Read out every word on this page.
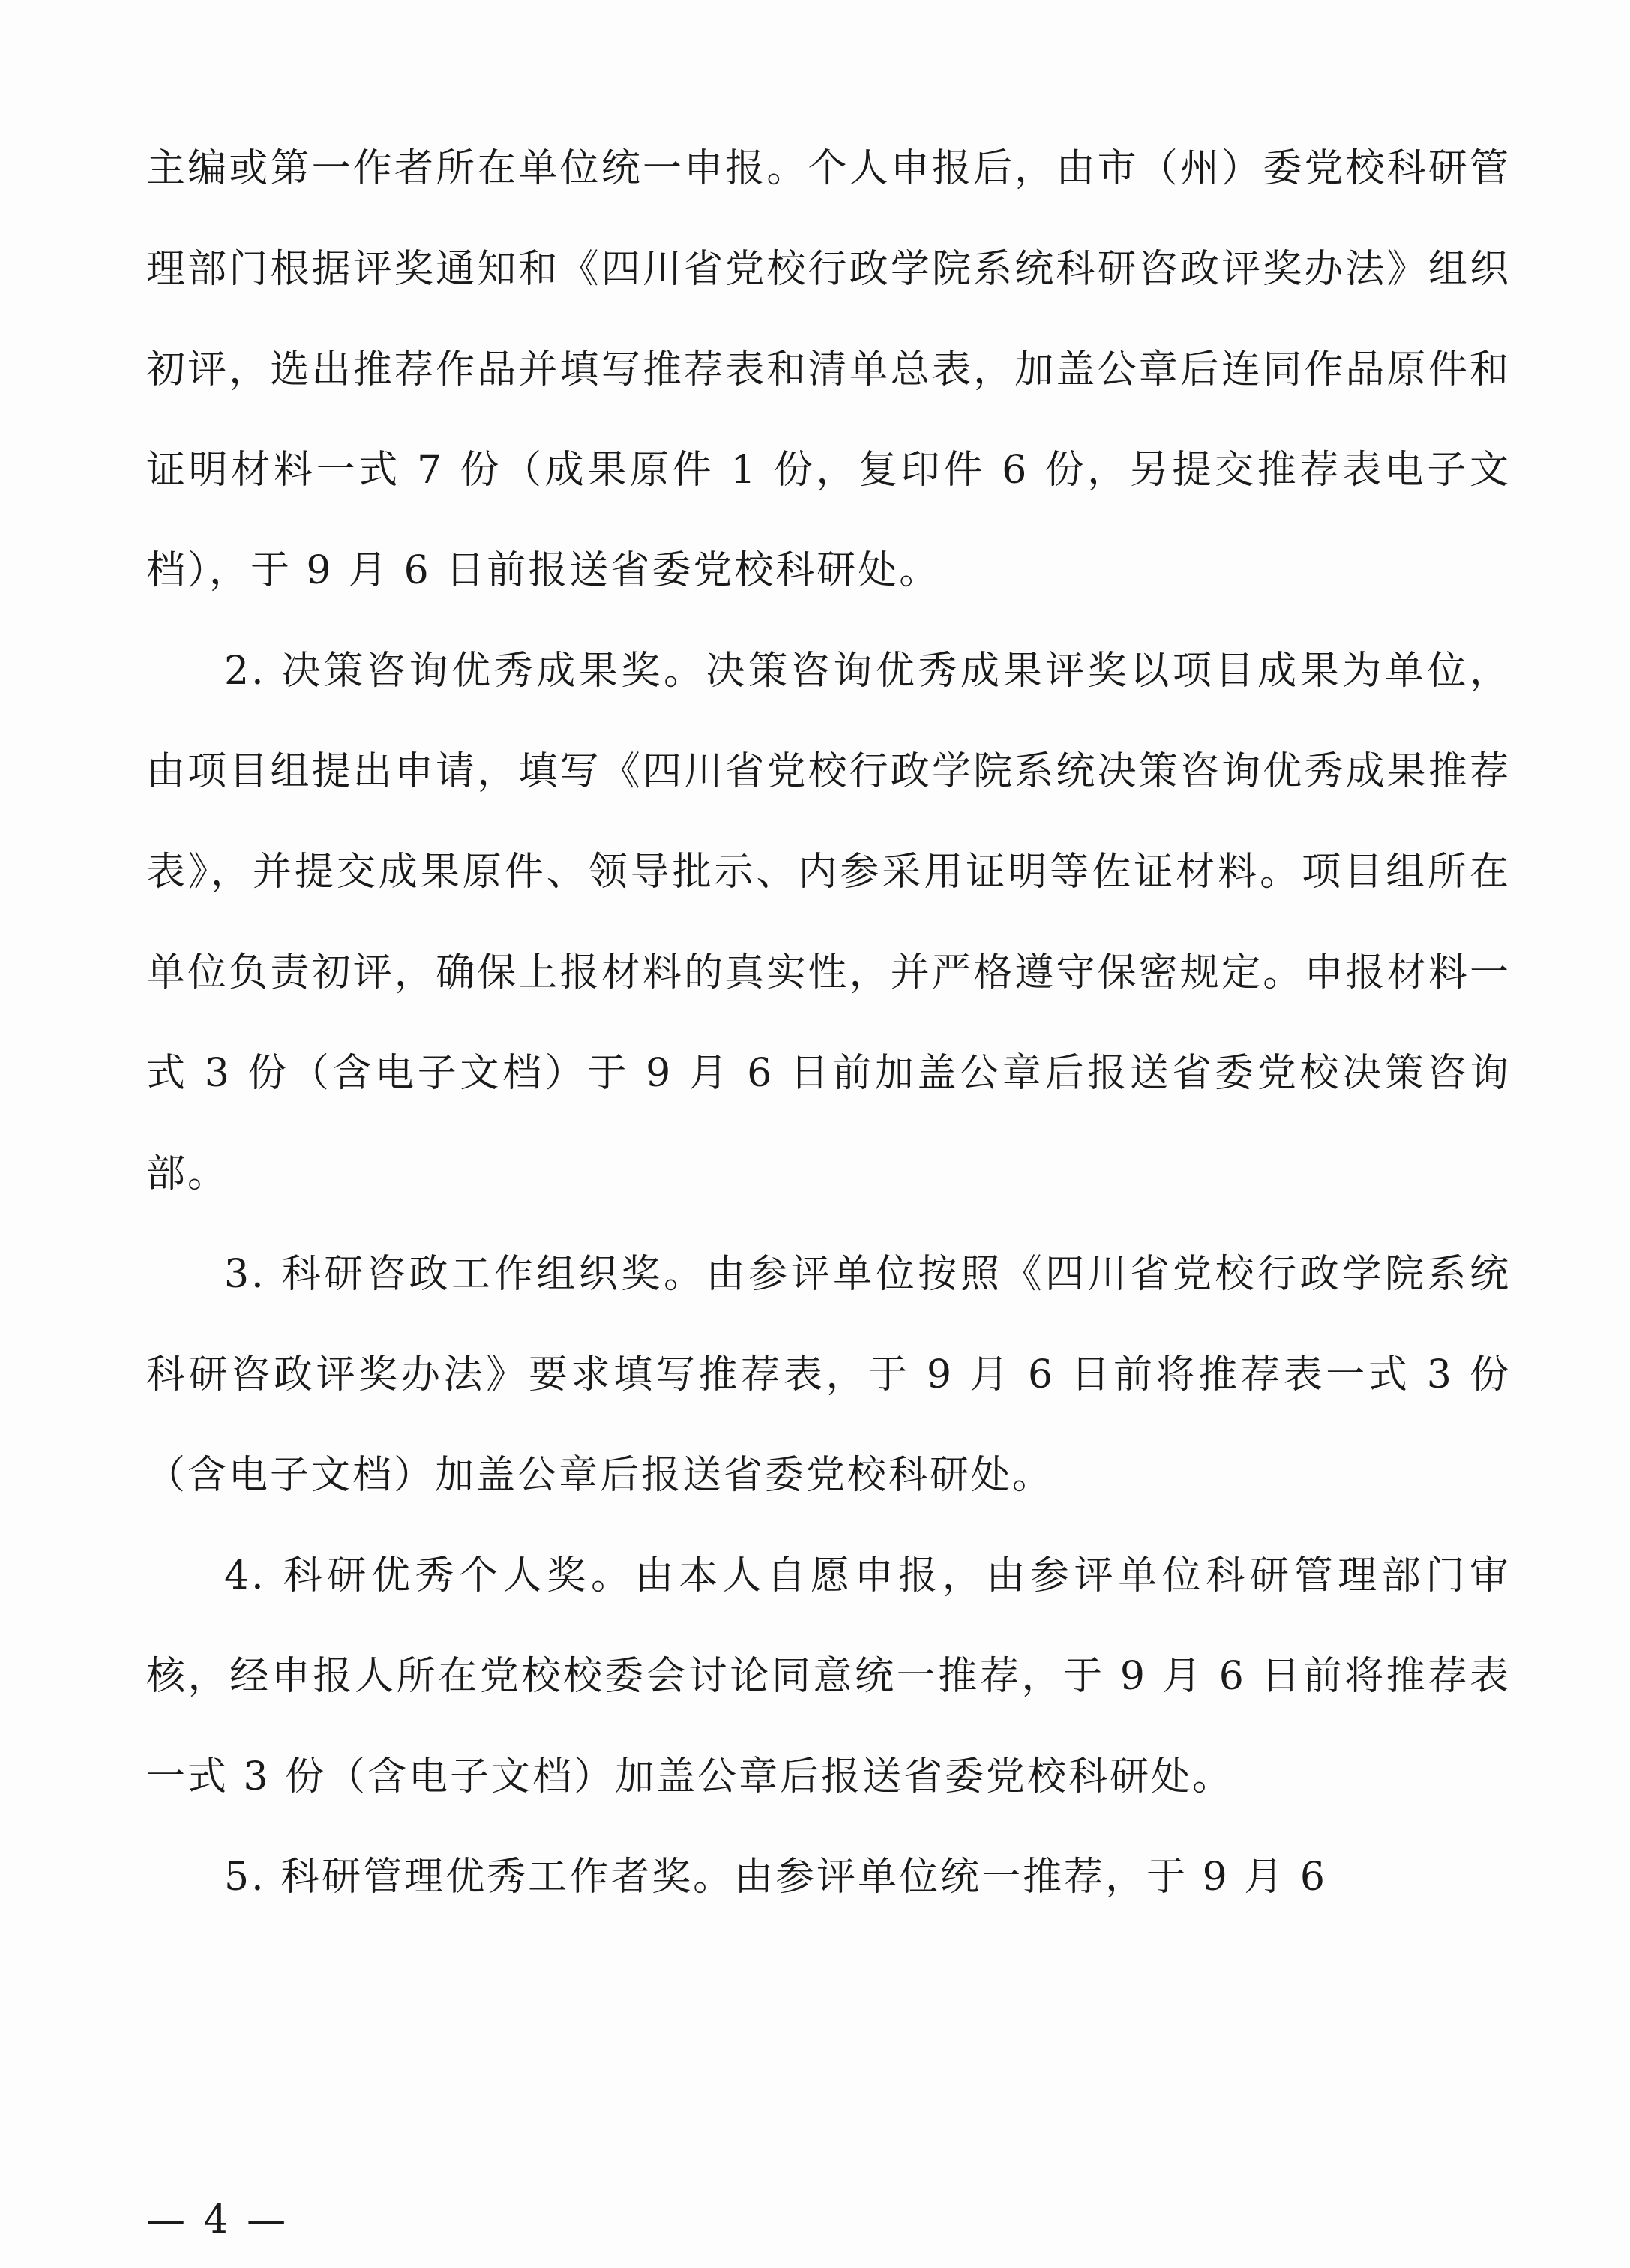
主编或第一作者所在单位统一申报。个人申报后，由市（州）委党校科研管理部门根据评奖通知和《四川省党校行政学院系统科研咨政评奖办法》组织初评，选出推荐作品并填写推荐表和清单总表，加盖公章后连同作品原件和证明材料一式 7 份（成果原件 1 份，复印件 6 份，另提交推荐表电子文档），于 9 月 6 日前报送省委党校科研处。

2. 决策咨询优秀成果奖。决策咨询优秀成果评奖以项目成果为单位，由项目组提出申请，填写《四川省党校行政学院系统决策咨询优秀成果推荐表》，并提交成果原件、领导批示、内参采用证明等佐证材料。项目组所在单位负责初评，确保上报材料的真实性，并严格遵守保密规定。申报材料一式 3 份（含电子文档）于 9 月 6 日前加盖公章后报送省委党校决策咨询部。

3. 科研咨政工作组织奖。由参评单位按照《四川省党校行政学院系统科研咨政评奖办法》要求填写推荐表，于 9 月 6 日前将推荐表一式 3 份（含电子文档）加盖公章后报送省委党校科研处。

4. 科研优秀个人奖。由本人自愿申报，由参评单位科研管理部门审核，经申报人所在党校校委会讨论同意统一推荐，于 9 月 6 日前将推荐表一式 3 份（含电子文档）加盖公章后报送省委党校科研处。

5. 科研管理优秀工作者奖。由参评单位统一推荐，于 9 月 6

— 4 —
